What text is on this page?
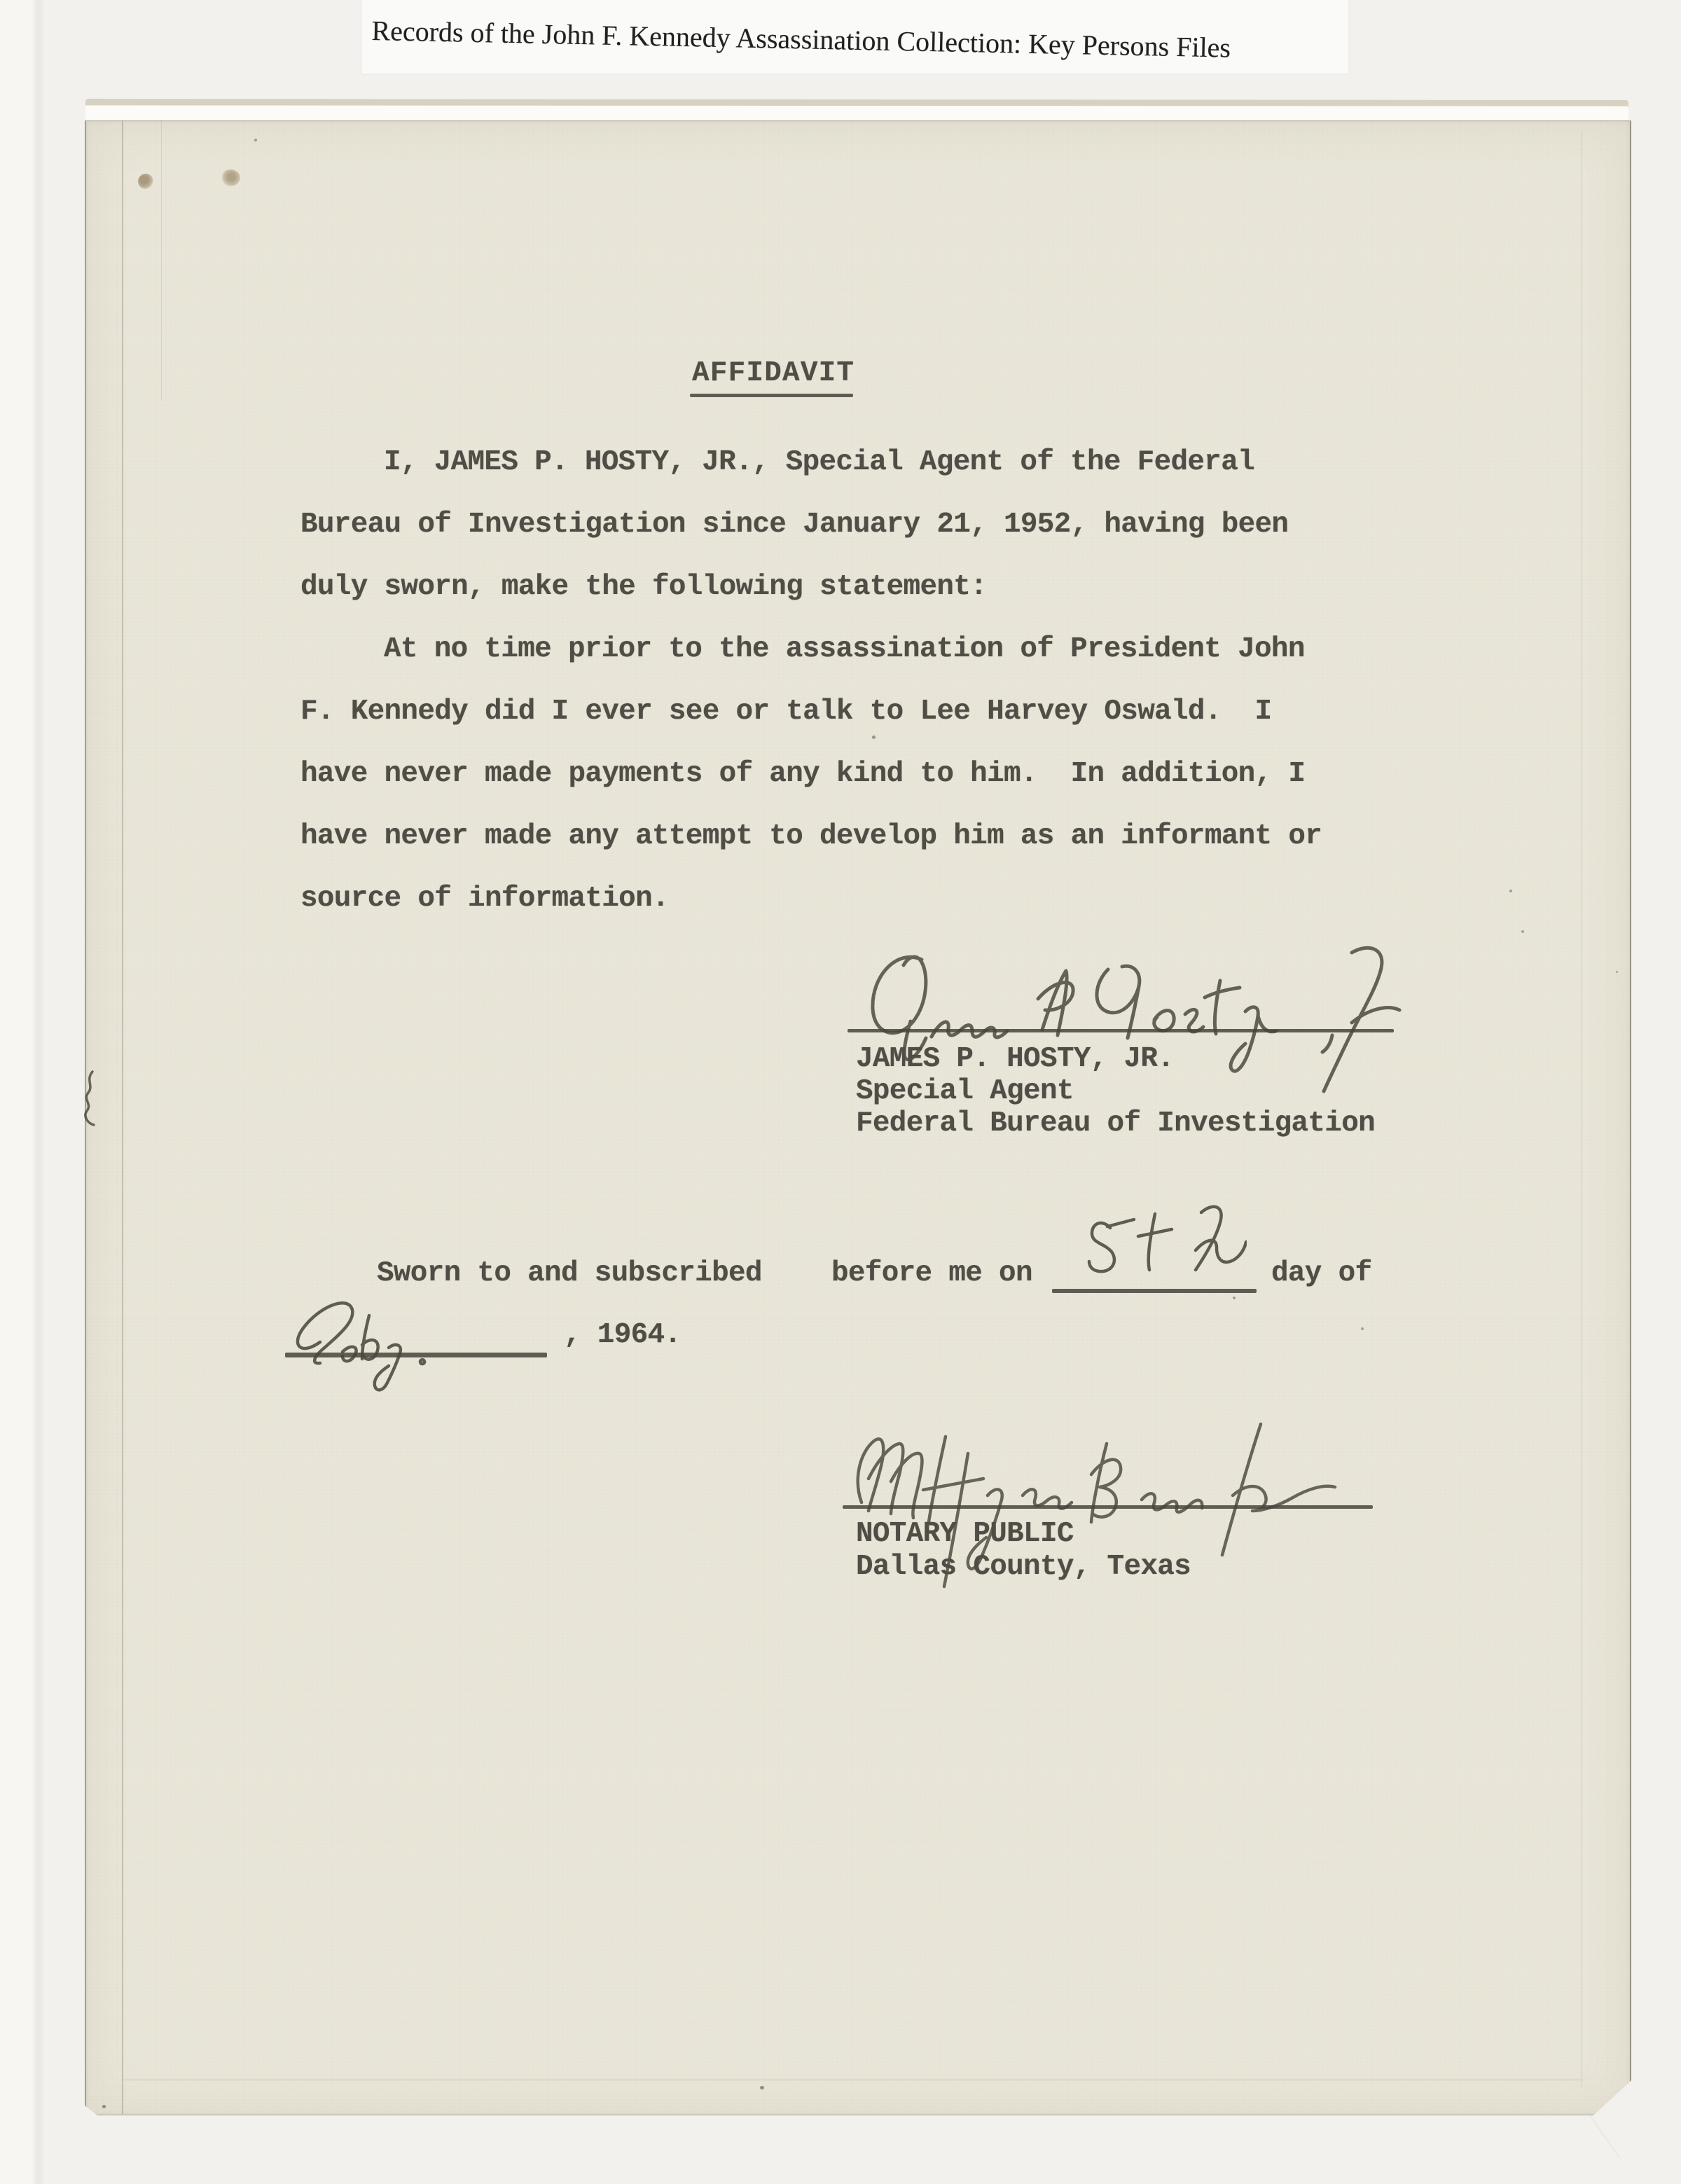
Records of the John F. Kennedy Assassination Collection: Key Persons Files
AFFIDAVIT
I, JAMES P. HOSTY, JR., Special Agent of the Federal
Bureau of Investigation since January 21, 1952, having been
duly sworn, make the following statement:
At no time prior to the assassination of President John
F. Kennedy did I ever see or talk to Lee Harvey Oswald.  I
have never made payments of any kind to him.  In addition, I
have never made any attempt to develop him as an informant or
source of information.
JAMES P. HOSTY, JR.
Special Agent
Federal Bureau of Investigation
Sworn to and subscribed before me on	day of
, 1964.
NOTARY PUBLIC
Dallas County, Texas
